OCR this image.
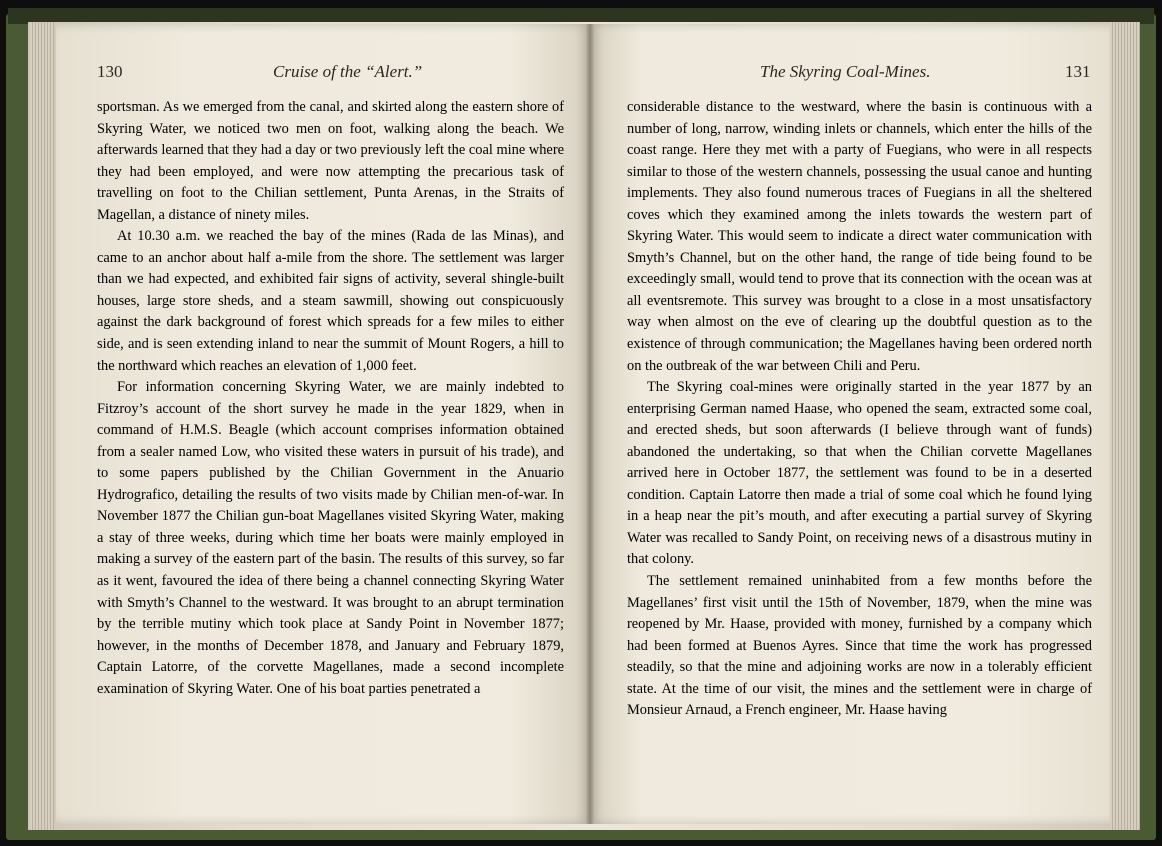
130	Cruise of the “Alert.”	The Skyring Coal-Mines.	131

sportsman. As we emerged from the canal, and skirted along the eastern shore of Skyring Water, we noticed two men on foot, walking along the beach. We afterwards learned that they had a day or two previously left the coal mine where they had been employed, and were now attempting the precarious task of travelling on foot to the Chilian settlement, Punta Arenas, in the Straits of Magellan, a distance of ninety miles.

At 10.30 a.m. we reached the bay of the mines (Rada de las Minas), and came to an anchor about half a-mile from the shore. The settlement was larger than we had expected, and exhibited fair signs of activity, several shingle-built houses, large store sheds, and a steam sawmill, showing out conspicuously against the dark background of forest which spreads for a few miles to either side, and is seen extending inland to near the summit of Mount Rogers, a hill to the northward which reaches an elevation of 1,000 feet.

For information concerning Skyring Water, we are mainly indebted to Fitzroy’s account of the short survey he made in the year 1829, when in command of H.M.S. Beagle (which account comprises information obtained from a sealer named Low, who visited these waters in pursuit of his trade), and to some papers published by the Chilian Government in the Anuario Hydrografico, detailing the results of two visits made by Chilian men-of-war. In November 1877 the Chilian gun-boat Magellanes visited Skyring Water, making a stay of three weeks, during which time her boats were mainly employed in making a survey of the eastern part of the basin. The results of this survey, so far as it went, favoured the idea of there being a channel connecting Skyring Water with Smyth’s Channel to the westward. It was brought to an abrupt termination by the terrible mutiny which took place at Sandy Point in November 1877; however, in the months of December 1878, and January and February 1879, Captain Latorre, of the corvette Magellanes, made a second incomplete examination of Skyring Water. One of his boat parties penetrated a

considerable distance to the westward, where the basin is continuous with a number of long, narrow, winding inlets or channels, which enter the hills of the coast range. Here they met with a party of Fuegians, who were in all respects similar to those of the western channels, possessing the usual canoe and hunting implements. They also found numerous traces of Fuegians in all the sheltered coves which they examined among the inlets towards the western part of Skyring Water. This would seem to indicate a direct water communication with Smyth’s Channel, but on the other hand, the range of tide being found to be exceedingly small, would tend to prove that its connection with the ocean was at all eventsremote. This survey was brought to a close in a most unsatisfactory way when almost on the eve of clearing up the doubtful question as to the existence of through communication; the Magellanes having been ordered north on the outbreak of the war between Chili and Peru.

The Skyring coal-mines were originally started in the year 1877 by an enterprising German named Haase, who opened the seam, extracted some coal, and erected sheds, but soon afterwards (I believe through want of funds) abandoned the undertaking, so that when the Chilian corvette Magellanes arrived here in October 1877, the settlement was found to be in a deserted condition. Captain Latorre then made a trial of some coal which he found lying in a heap near the pit’s mouth, and after executing a partial survey of Skyring Water was recalled to Sandy Point, on receiving news of a disastrous mutiny in that colony.

The settlement remained uninhabited from a few months before the Magellanes’ first visit until the 15th of November, 1879, when the mine was reopened by Mr. Haase, provided with money, furnished by a company which had been formed at Buenos Ayres. Since that time the work has progressed steadily, so that the mine and adjoining works are now in a tolerably efficient state. At the time of our visit, the mines and the settlement were in charge of Monsieur Arnaud, a French engineer, Mr. Haase having
